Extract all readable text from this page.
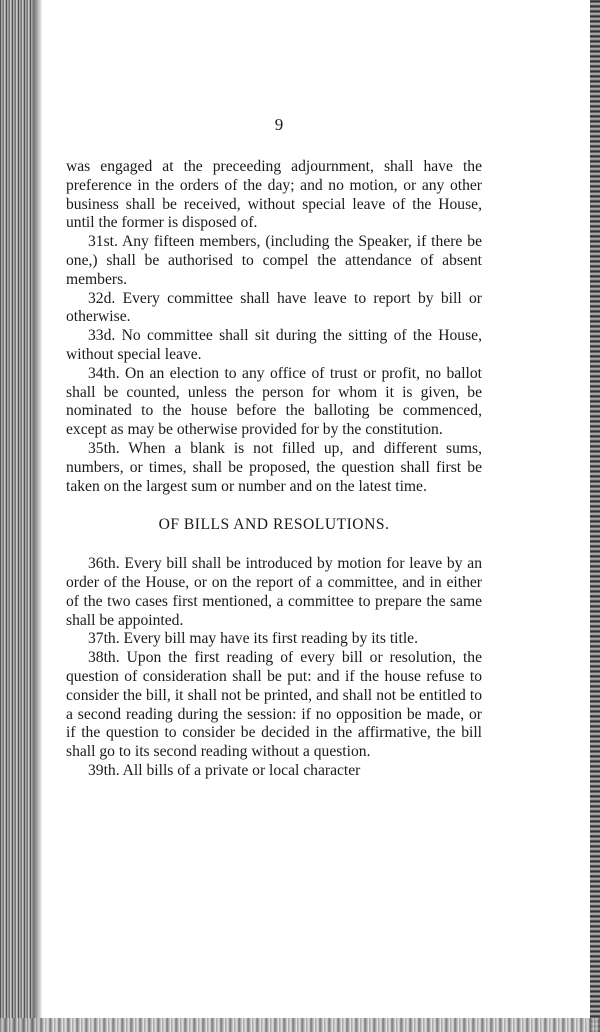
9

was engaged at the preceeding adjournment, shall have the preference in the orders of the day; and no motion, or any other business shall be received, without special leave of the House, until the former is disposed of.

31st. Any fifteen members, (including the Speaker, if there be one,) shall be authorised to compel the attendance of absent members.

32d. Every committee shall have leave to report by bill or otherwise.

33d. No committee shall sit during the sitting of the House, without special leave.

34th. On an election to any office of trust or profit, no ballot shall be counted, unless the person for whom it is given, be nominated to the house before the balloting be commenced, except as may be otherwise provided for by the constitution.

35th. When a blank is not filled up, and different sums, numbers, or times, shall be proposed, the question shall first be taken on the largest sum or number and on the latest time.

OF BILLS AND RESOLUTIONS.

36th. Every bill shall be introduced by motion for leave by an order of the House, or on the report of a committee, and in either of the two cases first mentioned, a committee to prepare the same shall be appointed.

37th. Every bill may have its first reading by its title.

38th. Upon the first reading of every bill or resolution, the question of consideration shall be put: and if the house refuse to consider the bill, it shall not be printed, and shall not be entitled to a second reading during the session: if no opposition be made, or if the question to consider be decided in the affirmative, the bill shall go to its second reading without a question.

39th. All bills of a private or local character
